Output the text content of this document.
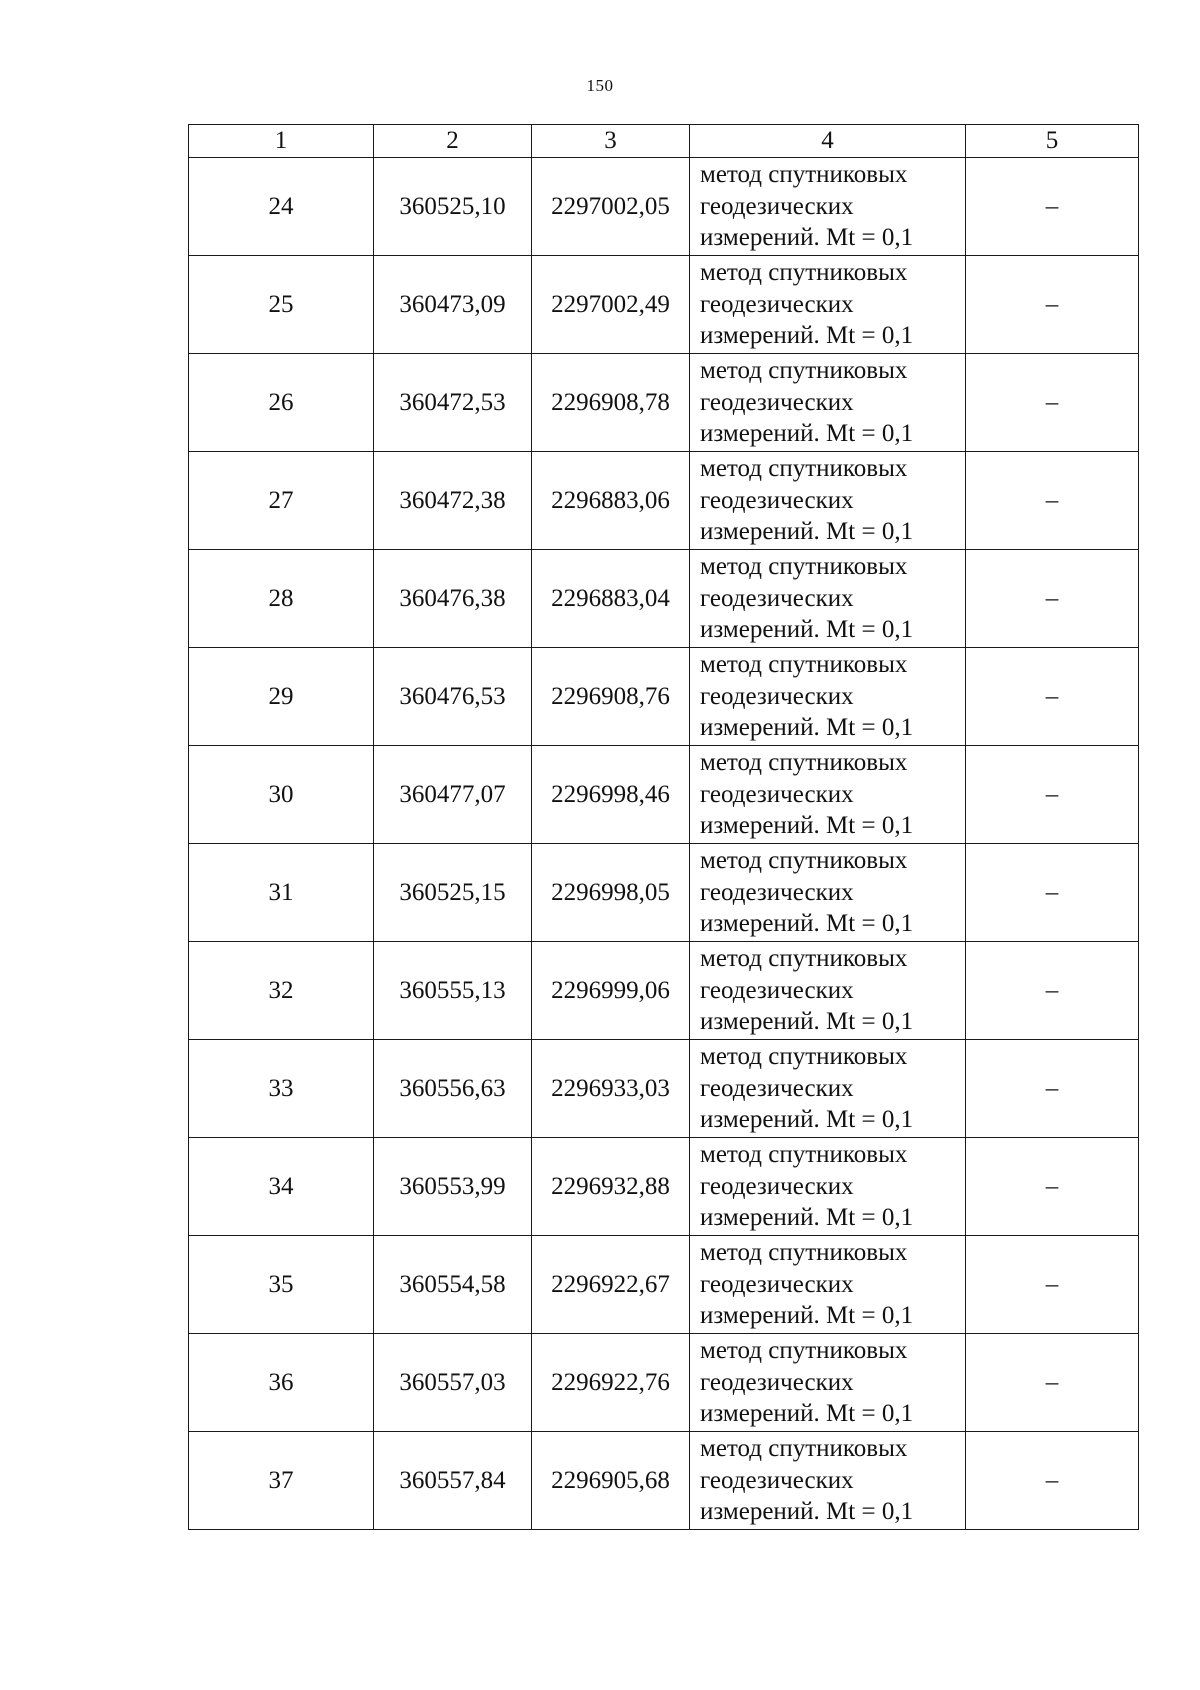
150
1	2	3	4	5
24	360525,10	2297002,05	метод спутниковых
геодезических
измерений. Mt = 0,1	–
25	360473,09	2297002,49	метод спутниковых
геодезических
измерений. Mt = 0,1	–
26	360472,53	2296908,78	метод спутниковых
геодезических
измерений. Mt = 0,1	–
27	360472,38	2296883,06	метод спутниковых
геодезических
измерений. Mt = 0,1	–
28	360476,38	2296883,04	метод спутниковых
геодезических
измерений. Mt = 0,1	–
29	360476,53	2296908,76	метод спутниковых
геодезических
измерений. Mt = 0,1	–
30	360477,07	2296998,46	метод спутниковых
геодезических
измерений. Mt = 0,1	–
31	360525,15	2296998,05	метод спутниковых
геодезических
измерений. Mt = 0,1	–
32	360555,13	2296999,06	метод спутниковых
геодезических
измерений. Mt = 0,1	–
33	360556,63	2296933,03	метод спутниковых
геодезических
измерений. Mt = 0,1	–
34	360553,99	2296932,88	метод спутниковых
геодезических
измерений. Mt = 0,1	–
35	360554,58	2296922,67	метод спутниковых
геодезических
измерений. Mt = 0,1	–
36	360557,03	2296922,76	метод спутниковых
геодезических
измерений. Mt = 0,1	–
37	360557,84	2296905,68	метод спутниковых
геодезических
измерений. Mt = 0,1	–
